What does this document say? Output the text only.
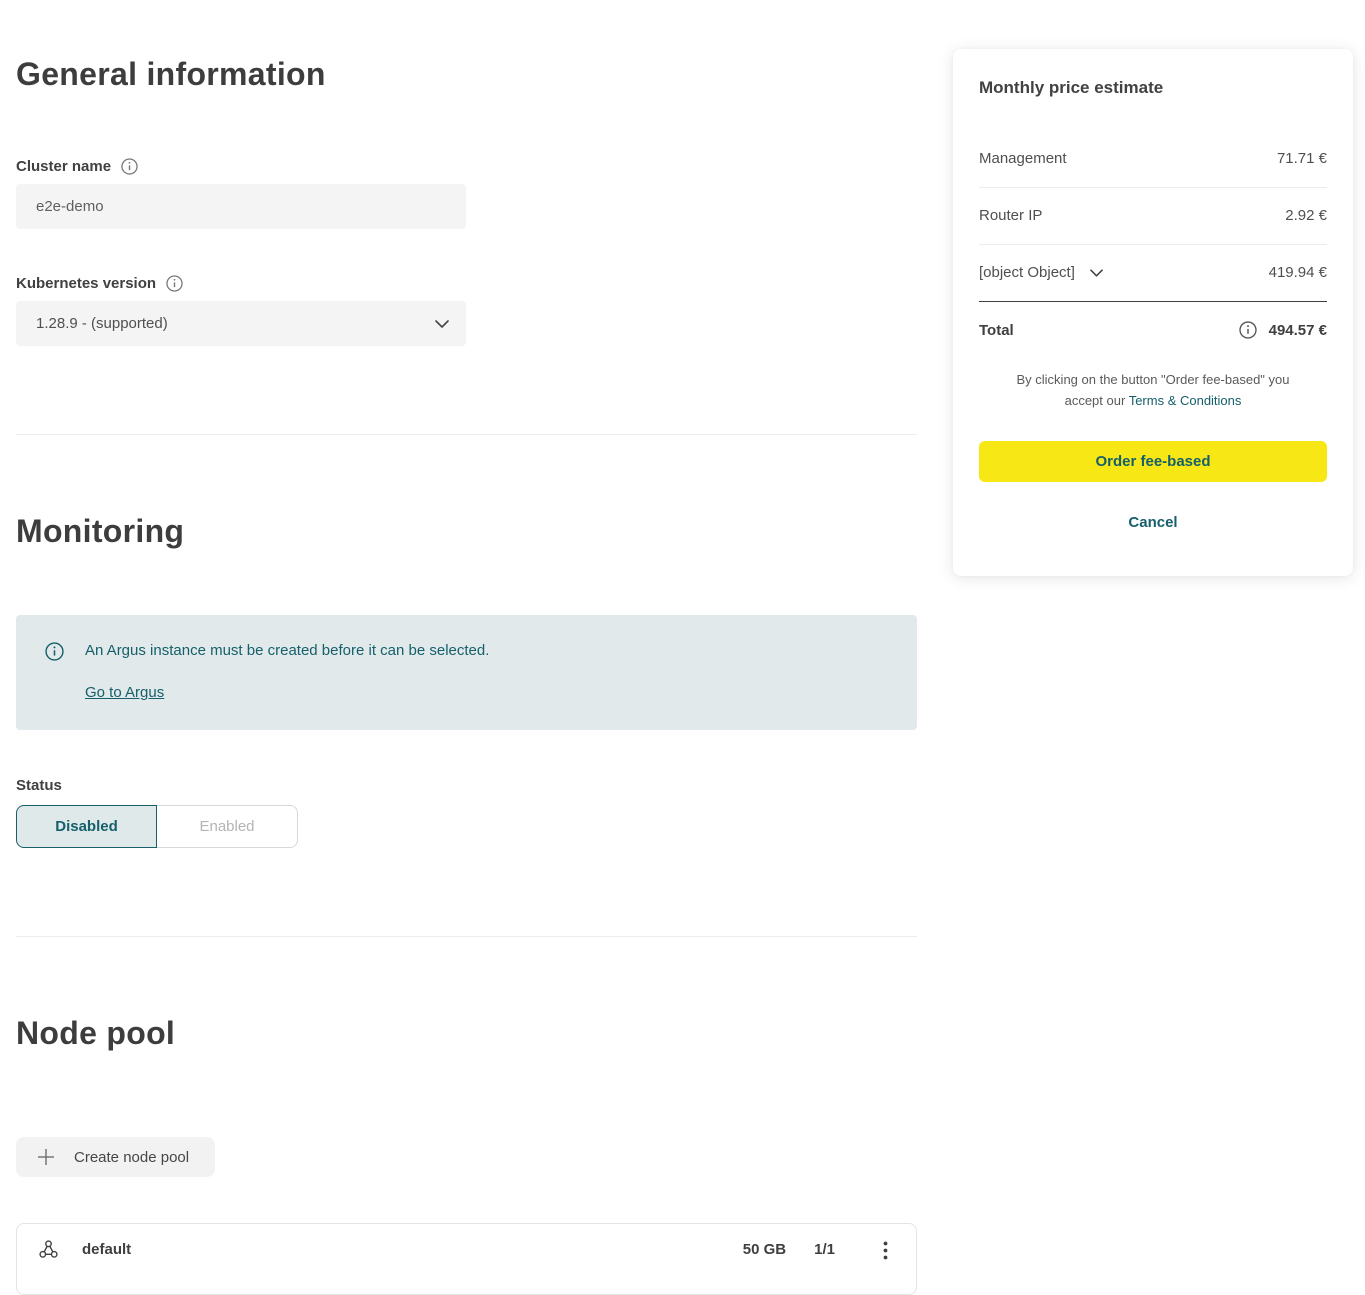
General information
Cluster name
e2e-demo
Kubernetes version
1.28.9 - (supported)
Monitoring
An Argus instance must be created before it can be selected.
Go to Argus
Status
Disabled	Enabled
Node pool
Create node pool
default	50 GB 1/1
Monthly price estimate
Management	71.71 €
Router IP	2.92 €
[object Object]	419.94 €
Total	494.57 €
By clicking on the button "Order fee-based" you accept our Terms & Conditions
Order fee-based
Cancel
